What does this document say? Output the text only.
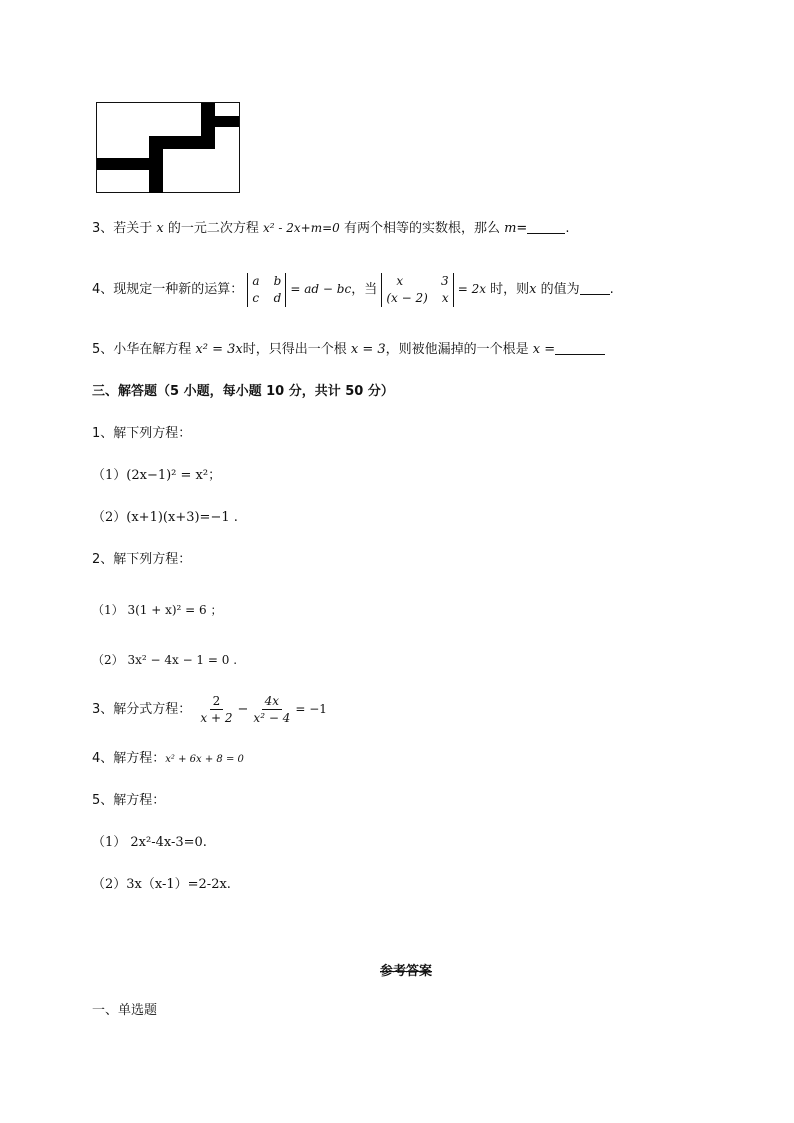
3、若关于 x 的一元二次方程 x² - 2x+m=0 有两个相等的实数根，那么 m=	.
4、现规定一种新的运算：
a b
c d
= ad − bc，当
x	3
(x − 2) x
= 2x 时，则x 的值为 .
5、小华在解方程 x² = 3x时，只得出一个根 x = 3，则被他漏掉的一个根是 x =
三、解答题（5 小题，每小题 10 分，共计 50 分）
1、解下列方程：
（1）(2x−1)² = x²；
（2）(x+1)(x+3)=−1 .
2、解下列方程：
（1） 3(1 + x)² = 6 ；
（2） 3x² − 4x − 1 = 0 .
3、解分式方程： $\frac{2}{x + 2} - \frac{4x}{\text{x² − 4}} = -1$
4、解方程：x² + 6x + 8 = 0
5、解方程：
（1） 2x²-4x-3=0.
（2）3x（x-1）=2-2x.
参考答案
一、单选题
